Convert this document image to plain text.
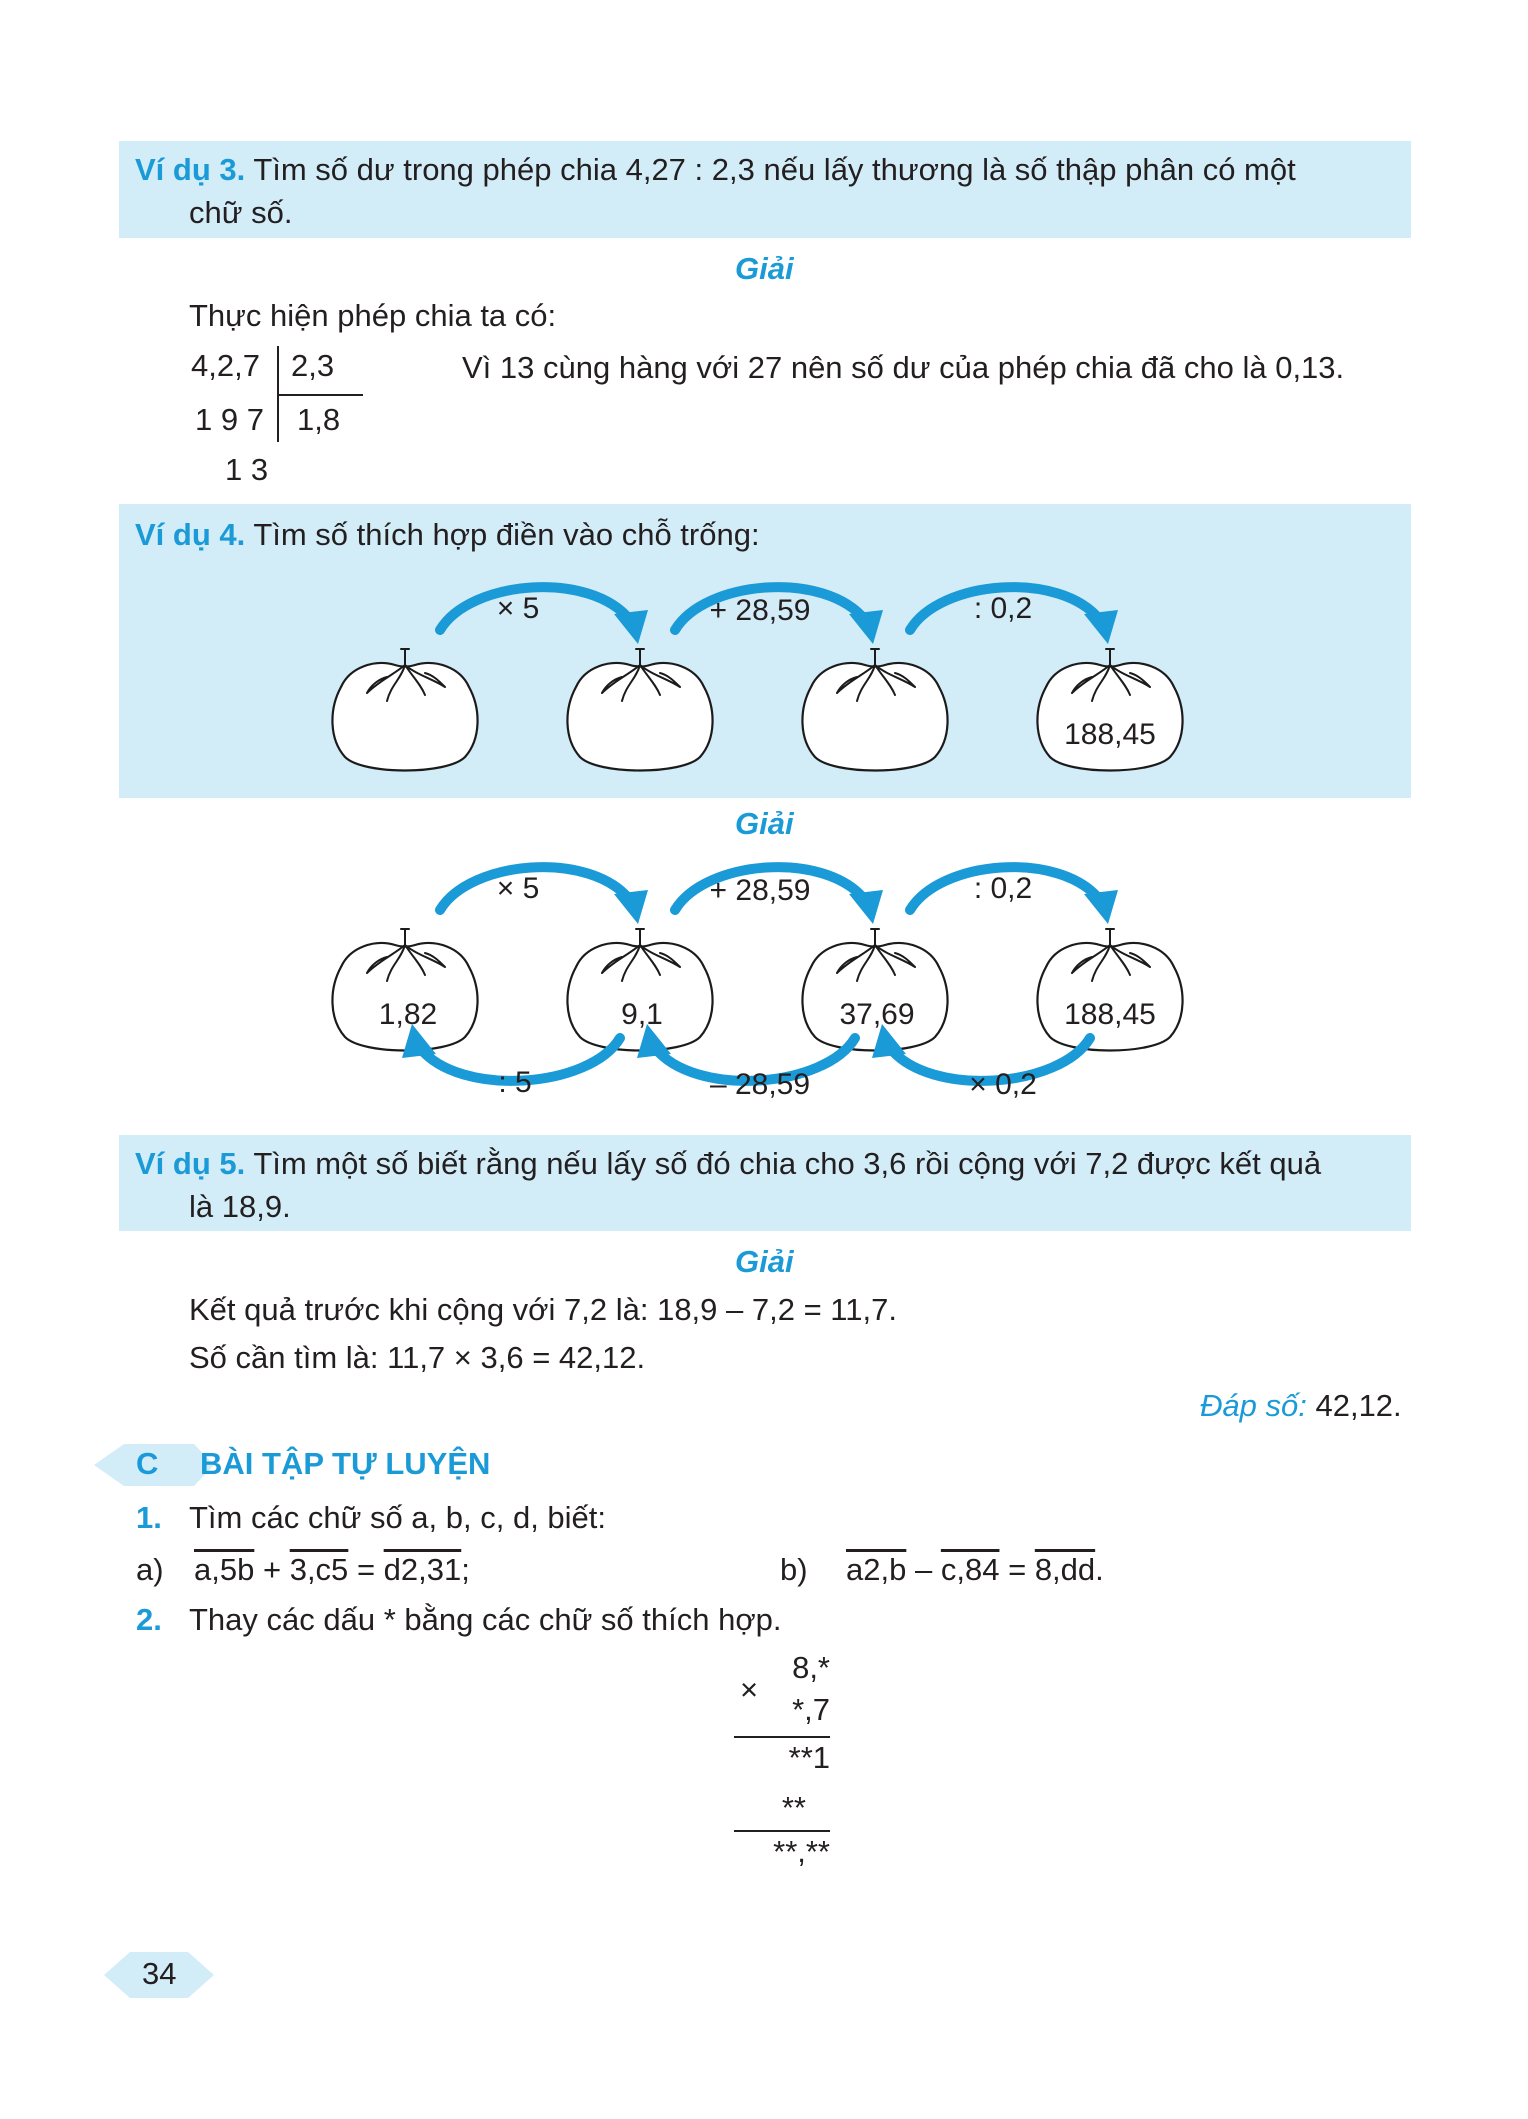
Ví dụ 3. Tìm số dư trong phép chia 4,27 : 2,3 nếu lấy thương là số thập phân có một
chữ số.
Giải
Thực hiện phép chia ta có:
4,2,7 2,3
1 9 7 1,8
1 3
Vì 13 cùng hàng với 27 nên số dư của phép chia đã cho là 0,13.
Ví dụ 4. Tìm số thích hợp điền vào chỗ trống:
× 5	+ 28,59	: 0,2
188,45
Giải
× 5	+ 28,59	: 0,2
1,82	9,1	37,69	188,45
: 5	– 28,59	× 0,2
Ví dụ 5. Tìm một số biết rằng nếu lấy số đó chia cho 3,6 rồi cộng với 7,2 được kết quả
là 18,9.
Giải
Kết quả trước khi cộng với 7,2 là: 18,9 – 7,2 = 11,7.
Số cần tìm là: 11,7 × 3,6 = 42,12.
Đáp số: 42,12.
C BÀI TẬP TỰ LUYỆN
1. Tìm các chữ số a, b, c, d, biết:
a) a,5b + 3,c5 = d2,31;	b) a2,b – c,84 = 8,dd.
2. Thay các dấu * bằng các chữ số thích hợp.
8,*
×
*,7
**1
**
**,**
34
